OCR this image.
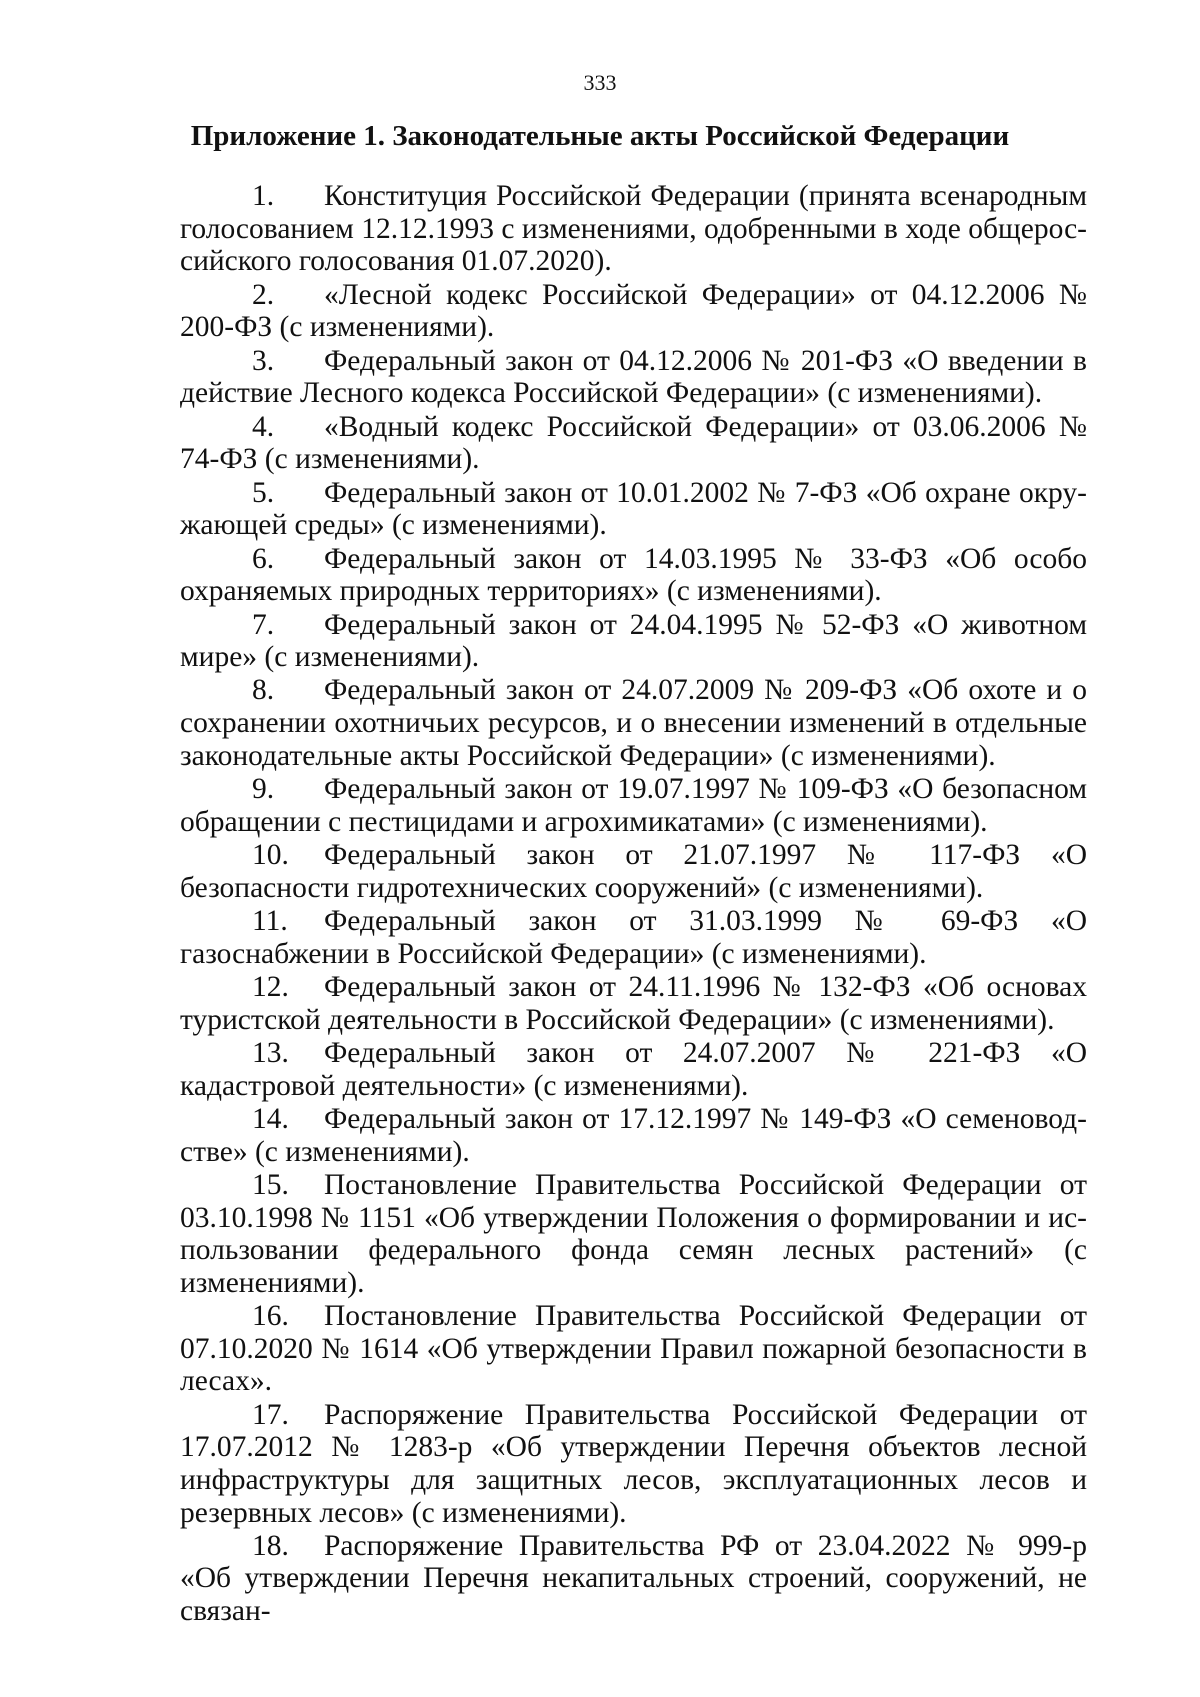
333
Приложение 1. Законодательные акты Российской Федерации
1. Конституция Российской Федерации (принята всенародным голосованием 12.12.1993 с изменениями, одобренными в ходе общероссийского голосования 01.07.2020).
2. «Лесной кодекс Российской Федерации» от 04.12.2006 № 200-ФЗ (с изменениями).
3. Федеральный закон от 04.12.2006 № 201-ФЗ «О введении в действие Лесного кодекса Российской Федерации» (с изменениями).
4. «Водный кодекс Российской Федерации» от 03.06.2006 № 74-ФЗ (с изменениями).
5. Федеральный закон от 10.01.2002 № 7-ФЗ «Об охране окружающей среды» (с изменениями).
6. Федеральный закон от 14.03.1995 № 33-ФЗ «Об особо охраняемых природных территориях» (с изменениями).
7. Федеральный закон от 24.04.1995 № 52-ФЗ «О животном мире» (с изменениями).
8. Федеральный закон от 24.07.2009 № 209-ФЗ «Об охоте и о сохранении охотничьих ресурсов, и о внесении изменений в отдельные законодательные акты Российской Федерации» (с изменениями).
9. Федеральный закон от 19.07.1997 № 109-ФЗ «О безопасном обращении с пестицидами и агрохимикатами» (с изменениями).
10. Федеральный закон от 21.07.1997 № 117-ФЗ «О безопасности гидротехнических сооружений» (с изменениями).
11. Федеральный закон от 31.03.1999 № 69-ФЗ «О газоснабжении в Российской Федерации» (с изменениями).
12. Федеральный закон от 24.11.1996 № 132-ФЗ «Об основах туристской деятельности в Российской Федерации» (с изменениями).
13. Федеральный закон от 24.07.2007 № 221-ФЗ «О кадастровой деятельности» (с изменениями).
14. Федеральный закон от 17.12.1997 № 149-ФЗ «О семеноводстве» (с изменениями).
15. Постановление Правительства Российской Федерации от 03.10.1998 № 1151 «Об утверждении Положения о формировании и использовании федерального фонда семян лесных растений» (с изменениями).
16. Постановление Правительства Российской Федерации от 07.10.2020 № 1614 «Об утверждении Правил пожарной безопасности в лесах».
17. Распоряжение Правительства Российской Федерации от 17.07.2012 № 1283-р «Об утверждении Перечня объектов лесной инфраструктуры для защитных лесов, эксплуатационных лесов и резервных лесов» (с изменениями).
18. Распоряжение Правительства РФ от 23.04.2022 № 999-р «Об утверждении Перечня некапитальных строений, сооружений, не связан-
